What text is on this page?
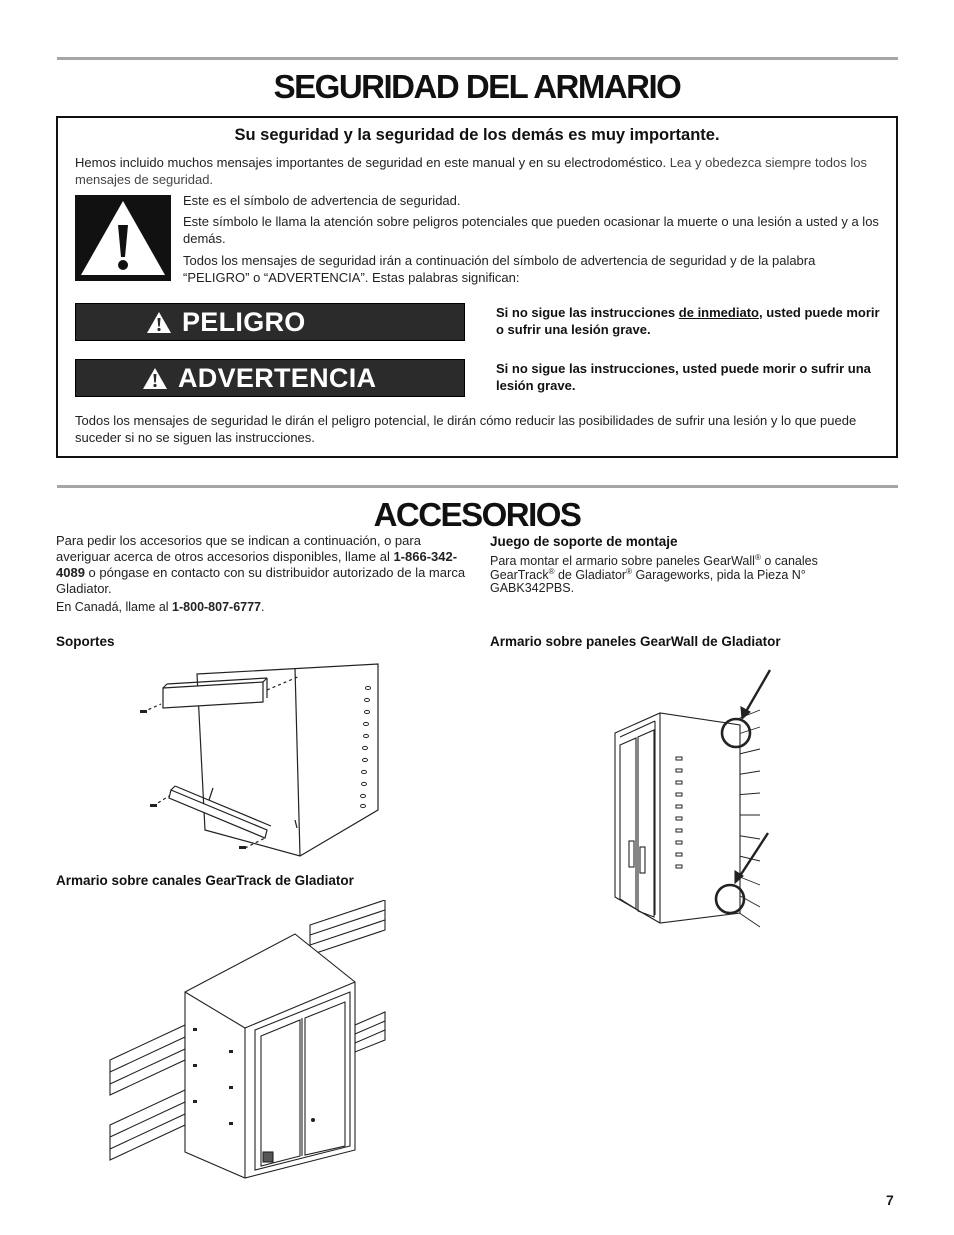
SEGURIDAD DEL ARMARIO
Su seguridad y la seguridad de los demás es muy importante.
Hemos incluido muchos mensajes importantes de seguridad en este manual y en su electrodoméstico. Lea y obedezca siempre todos los mensajes de seguridad.
Este es el símbolo de advertencia de seguridad.
Este símbolo le llama la atención sobre peligros potenciales que pueden ocasionar la muerte o una lesión a usted y a los demás.
Todos los mensajes de seguridad irán a continuación del símbolo de advertencia de seguridad y de la palabra “PELIGRO” o “ADVERTENCIA”. Estas palabras significan:
PELIGRO	Si no sigue las instrucciones de inmediato, usted puede morir o sufrir una lesión grave.
ADVERTENCIA	Si no sigue las instrucciones, usted puede morir o sufrir una lesión grave.
Todos los mensajes de seguridad le dirán el peligro potencial, le dirán cómo reducir las posibilidades de sufrir una lesión y lo que puede suceder si no se siguen las instrucciones.
ACCESORIOS
Para pedir los accesorios que se indican a continuación, o para averiguar acerca de otros accesorios disponibles, llame al 1-866-342-4089 o póngase en contacto con su distribuidor autorizado de la marca Gladiator.
En Canadá, llame al 1-800-807-6777.
Juego de soporte de montaje
Para montar el armario sobre paneles GearWall® o canales GearTrack® de Gladiator® Garageworks, pida la Pieza N° GABK342PBS.
Soportes	Armario sobre paneles GearWall de Gladiator
Armario sobre canales GearTrack de Gladiator
7
